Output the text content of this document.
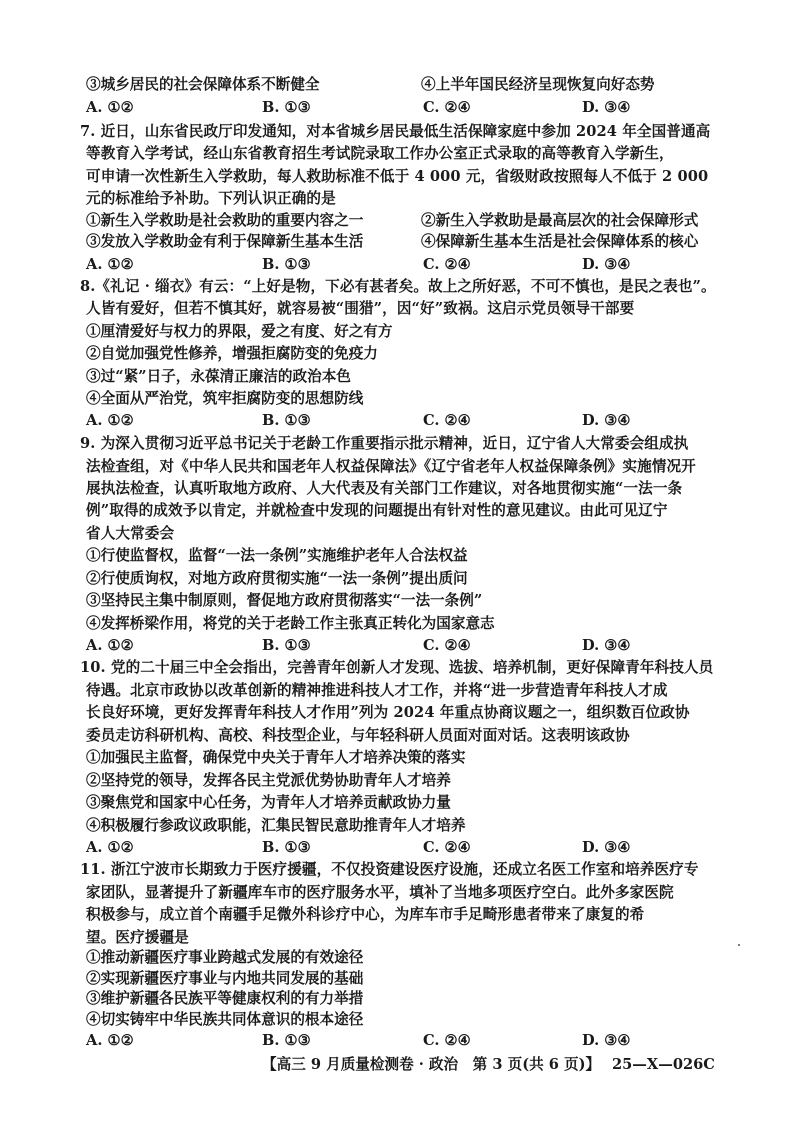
③城乡居民的社会保障体系不断健全	④上半年国民经济呈现恢复向好态势
A. ①②	B. ①③	C. ②④	D. ③④
7. 近日，山东省民政厅印发通知，对本省城乡居民最低生活保障家庭中参加 2024 年全国普通高
等教育入学考试，经山东省教育招生考试院录取工作办公室正式录取的高等教育入学新生，
可申请一次性新生入学救助，每人救助标准不低于 4 000 元，省级财政按照每人不低于 2 000
元的标准给予补助。下列认识正确的是
①新生入学救助是社会救助的重要内容之一	②新生入学救助是最高层次的社会保障形式
③发放入学救助金有利于保障新生基本生活	④保障新生基本生活是社会保障体系的核心
A. ①②	B. ①③	C. ②④	D. ③④
8.《礼记 · 缁衣》有云：“上好是物，下必有甚者矣。故上之所好恶，不可不慎也，是民之表也”。
人皆有爱好，但若不慎其好，就容易被“围猎”，因“好”致祸。这启示党员领导干部要
①厘清爱好与权力的界限，爱之有度、好之有方
②自觉加强党性修养，增强拒腐防变的免疫力
③过“紧”日子，永葆清正廉洁的政治本色
④全面从严治党，筑牢拒腐防变的思想防线
A. ①②	B. ①③	C. ②④	D. ③④
9. 为深入贯彻习近平总书记关于老龄工作重要指示批示精神，近日，辽宁省人大常委会组成执
法检查组，对《中华人民共和国老年人权益保障法》《辽宁省老年人权益保障条例》实施情况开
展执法检查，认真听取地方政府、人大代表及有关部门工作建议，对各地贯彻实施“一法一条
例”取得的成效予以肯定，并就检查中发现的问题提出有针对性的意见建议。由此可见辽宁
省人大常委会
①行使监督权，监督“一法一条例”实施维护老年人合法权益
②行使质询权，对地方政府贯彻实施“一法一条例”提出质问
③坚持民主集中制原则，督促地方政府贯彻落实“一法一条例”
④发挥桥梁作用，将党的关于老龄工作主张真正转化为国家意志
A. ①②	B. ①③	C. ②④	D. ③④
10. 党的二十届三中全会指出，完善青年创新人才发现、选拔、培养机制，更好保障青年科技人员
待遇。北京市政协以改革创新的精神推进科技人才工作，并将“进一步营造青年科技人才成
长良好环境，更好发挥青年科技人才作用”列为 2024 年重点协商议题之一，组织数百位政协
委员走访科研机构、高校、科技型企业，与年轻科研人员面对面对话。这表明该政协
①加强民主监督，确保党中央关于青年人才培养决策的落实
②坚持党的领导，发挥各民主党派优势协助青年人才培养
③聚焦党和国家中心任务，为青年人才培养贡献政协力量
④积极履行参政议政职能，汇集民智民意助推青年人才培养
A. ①②	B. ①③	C. ②④	D. ③④
11. 浙江宁波市长期致力于医疗援疆，不仅投资建设医疗设施，还成立名医工作室和培养医疗专
家团队，显著提升了新疆库车市的医疗服务水平，填补了当地多项医疗空白。此外多家医院
积极参与，成立首个南疆手足微外科诊疗中心，为库车市手足畸形患者带来了康复的希
望。医疗援疆是
①推动新疆医疗事业跨越式发展的有效途径
②实现新疆医疗事业与内地共同发展的基础
③维护新疆各民族平等健康权利的有力举措
④切实铸牢中华民族共同体意识的根本途径
A. ①②	B. ①③	C. ②④	D. ③④
【高三 9 月质量检测卷 · 政治　第 3 页(共 6 页)】 25—X—026C
